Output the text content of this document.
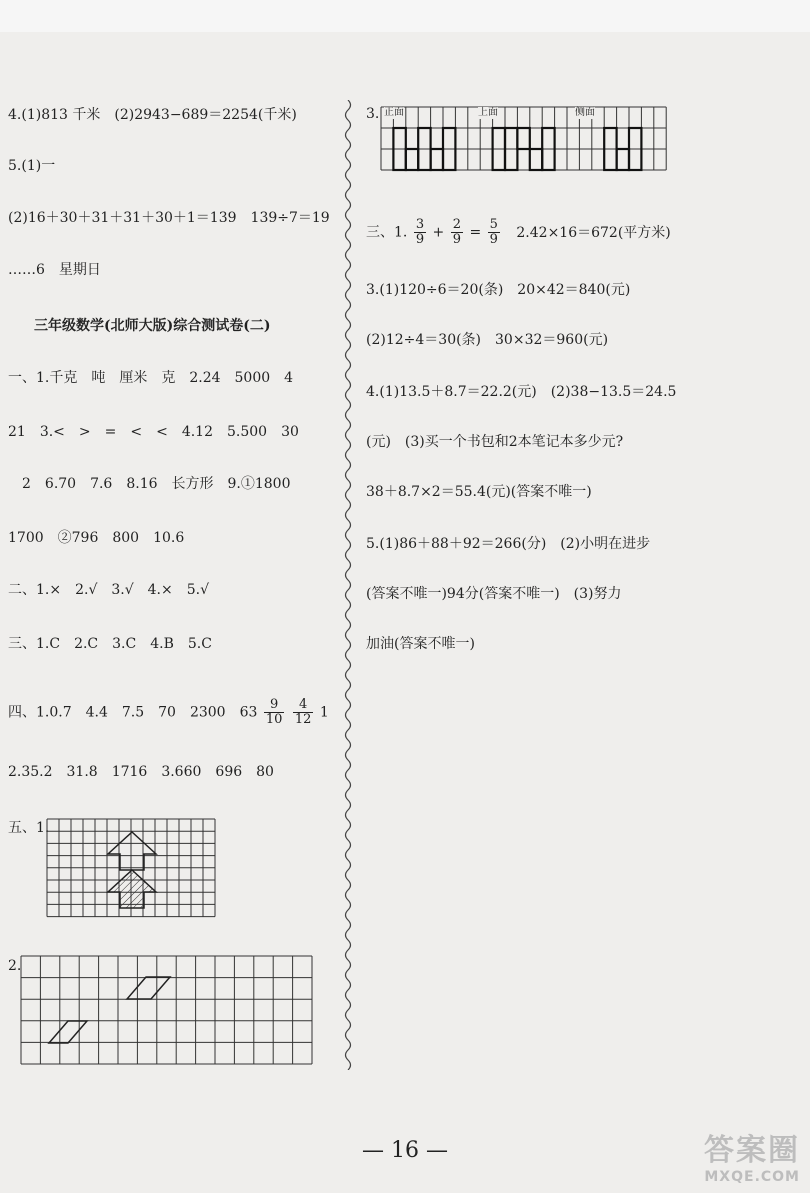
4.(1)813 千米　(2)2943−689＝2254(千米)
5.(1)一
(2)16＋30＋31＋31＋30＋1＝139　139÷7＝19
……6　星期日
三年级数学(北师大版)综合测试卷(二)
一、1.千克　吨　厘米　克　2.24　5000　4
21　3.<　>　=　<　<　4.12　5.500　30
2　6.70　7.6　8.16　长方形　9.①1800
1700　②796　800　10.6
二、1.×　2.√　3.√　4.×　5.√
三、1.C　2.C　3.C　4.B　5.C
四、1.0.7　4.4　7.5　70　2300　$63 \frac{9}{10}$
$\frac{4}{12} 1$
2.35.2　31.8　1716　3.660　696　80
五、1.
2.
3. 正面	上面	侧面
三、1. $\frac{3}{9} + \frac{2}{9} = \frac{5}{9} 2.42\times 16=672$(平方米)
3.(1)120÷6＝20(条)　20×42＝840(元)
(2)12÷4＝30(条)　30×32＝960(元)
4.(1)13.5＋8.7＝22.2(元)　(2)38−13.5＝24.5
(元)　(3)买一个书包和2本笔记本多少元?
38＋8.7×2＝55.4(元)(答案不唯一)
5.(1)86＋88＋92＝266(分)　(2)小明在进步
(答案不唯一)94分(答案不唯一)　(3)努力
加油(答案不唯一)
— 16 —	答案圈
MXQE.COM
